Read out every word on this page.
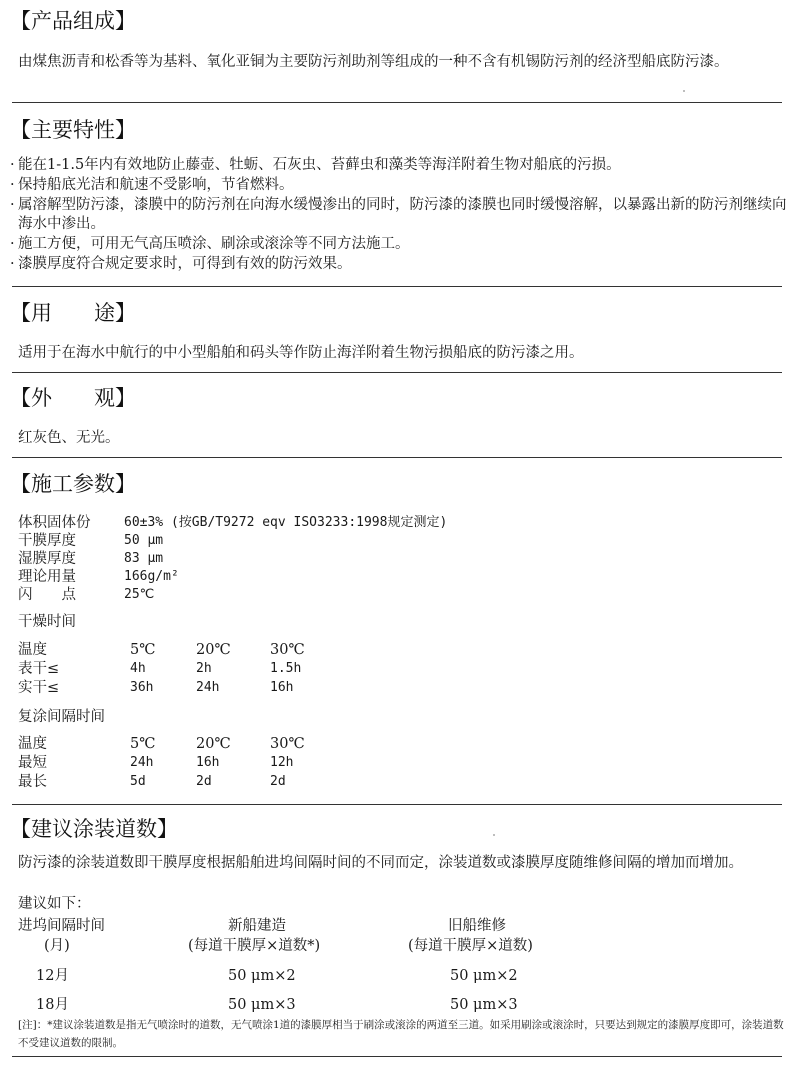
【产品组成】
由煤焦沥青和松香等为基料、氧化亚铜为主要防污剂助剂等组成的一种不含有机锡防污剂的经济型船底防污漆。
【主要特性】
· 能在1-1.5年内有效地防止藤壶、牡蛎、石灰虫、苔藓虫和藻类等海洋附着生物对船底的污损。
· 保持船底光洁和航速不受影响，节省燃料。
· 属溶解型防污漆，漆膜中的防污剂在向海水缓慢渗出的同时，防污漆的漆膜也同时缓慢溶解，以暴露出新的防污剂继续向海水中渗出。
· 施工方便，可用无气高压喷涂、刷涂或滚涂等不同方法施工。
· 漆膜厚度符合规定要求时，可得到有效的防污效果。
【用　　途】
适用于在海水中航行的中小型船舶和码头等作防止海洋附着生物污损船底的防污漆之用。
【外　　观】
红灰色、无光。
【施工参数】
体积固体份	60±3% (按GB/T9272 eqv ISO3233:1998规定测定)
干膜厚度	50 μm
湿膜厚度	83 μm
理论用量	166g/m²
闪　　点	25℃
干燥时间
温度	5℃	20℃	30℃
表干≤	4h	2h	1.5h
实干≤	36h	24h	16h
复涂间隔时间
温度	5℃	20℃	30℃
最短	24h	16h	12h
最长	5d	2d	2d
【建议涂装道数】
防污漆的涂装道数即干膜厚度根据船舶进坞间隔时间的不同而定，涂装道数或漆膜厚度随维修间隔的增加而增加。
建议如下：
进坞间隔时间	新船建造	旧船维修
(月)	(每道干膜厚×道数*)	(每道干膜厚×道数)
12月	50 μm×2	50 μm×2
18月	50 μm×3	50 μm×3
[注]：*建议涂装道数是指无气喷涂时的道数，无气喷涂1道的漆膜厚相当于刷涂或滚涂的两道至三道。如采用刷涂或滚涂时，只要达到规定的漆膜厚度即可，涂装道数不受建议道数的限制。
